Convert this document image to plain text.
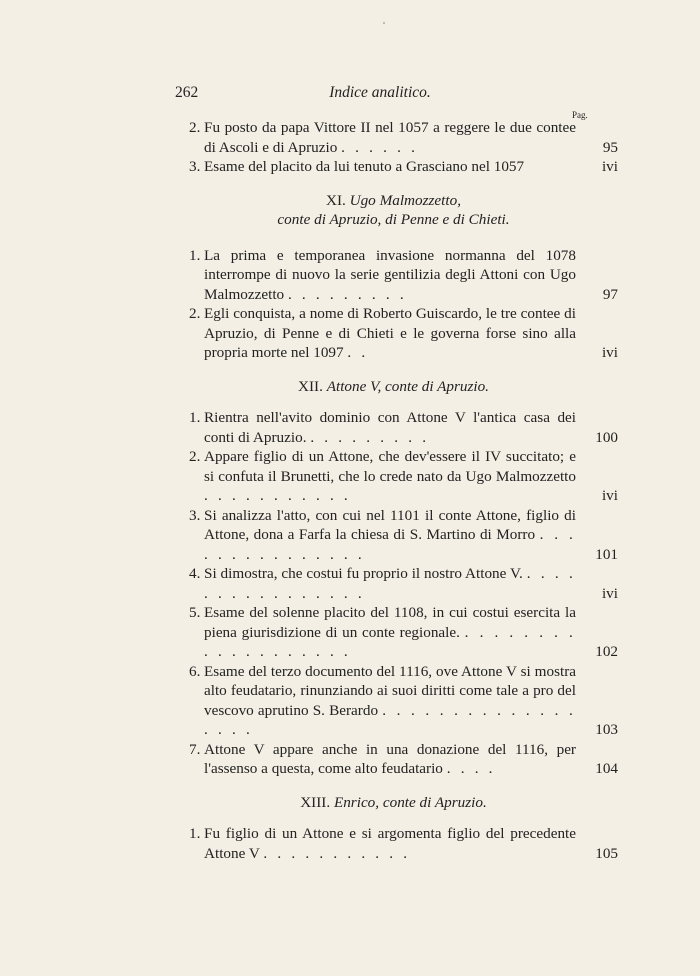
262	Indice analitico.
Pag.
2. Fu posto da papa Vittore II nel 1057 a reggere le due contee di Ascoli e di Apruzio . . . . . .	95
3. Esame del placito da lui tenuto a Grasciano nel 1057	ivi
XI. Ugo Malmozzetto,
conte di Apruzio, di Penne e di Chieti.
1. La prima e temporanea invasione normanna del 1078 interrompe di nuovo la serie gentilizia degli Attoni con Ugo Malmozzetto . . . . . . . . .	97
2. Egli conquista, a nome di Roberto Guiscardo, le tre contee di Apruzio, di Penne e di Chieti e le governa forse sino alla propria morte nel 1097 . .	ivi
XII. Attone V, conte di Apruzio.
1. Rientra nell'avito dominio con Attone V l'antica casa dei conti di Apruzio. . . . . . . . . .	100
2. Appare figlio di un Attone, che dev'essere il IV succitato; e si confuta il Brunetti, che lo crede nato da Ugo Malmozzetto . . . . . . . . . . .	ivi
3. Si analizza l'atto, con cui nel 1101 il conte Attone, figlio di Attone, dona a Farfa la chiesa di S. Martino di Morro . . . . . . . . . . . . . . .	101
4. Si dimostra, che costui fu proprio il nostro Attone V. . . . . . . . . . . . . . . . .	ivi
5. Esame del solenne placito del 1108, in cui costui esercita la piena giurisdizione di un conte regionale. . . . . . . . . . . . . . . . . . . .	102
6. Esame del terzo documento del 1116, ove Attone V si mostra alto feudatario, rinunziando ai suoi diritti come tale a pro del vescovo aprutino S. Berardo . . . . . . . . . . . . . . . . . .	103
7. Attone V appare anche in una donazione del 1116, per l'assenso a questa, come alto feudatario . . . .	104
XIII. Enrico, conte di Apruzio.
1. Fu figlio di un Attone e si argomenta figlio del precedente Attone V . . . . . . . . . . .	105
